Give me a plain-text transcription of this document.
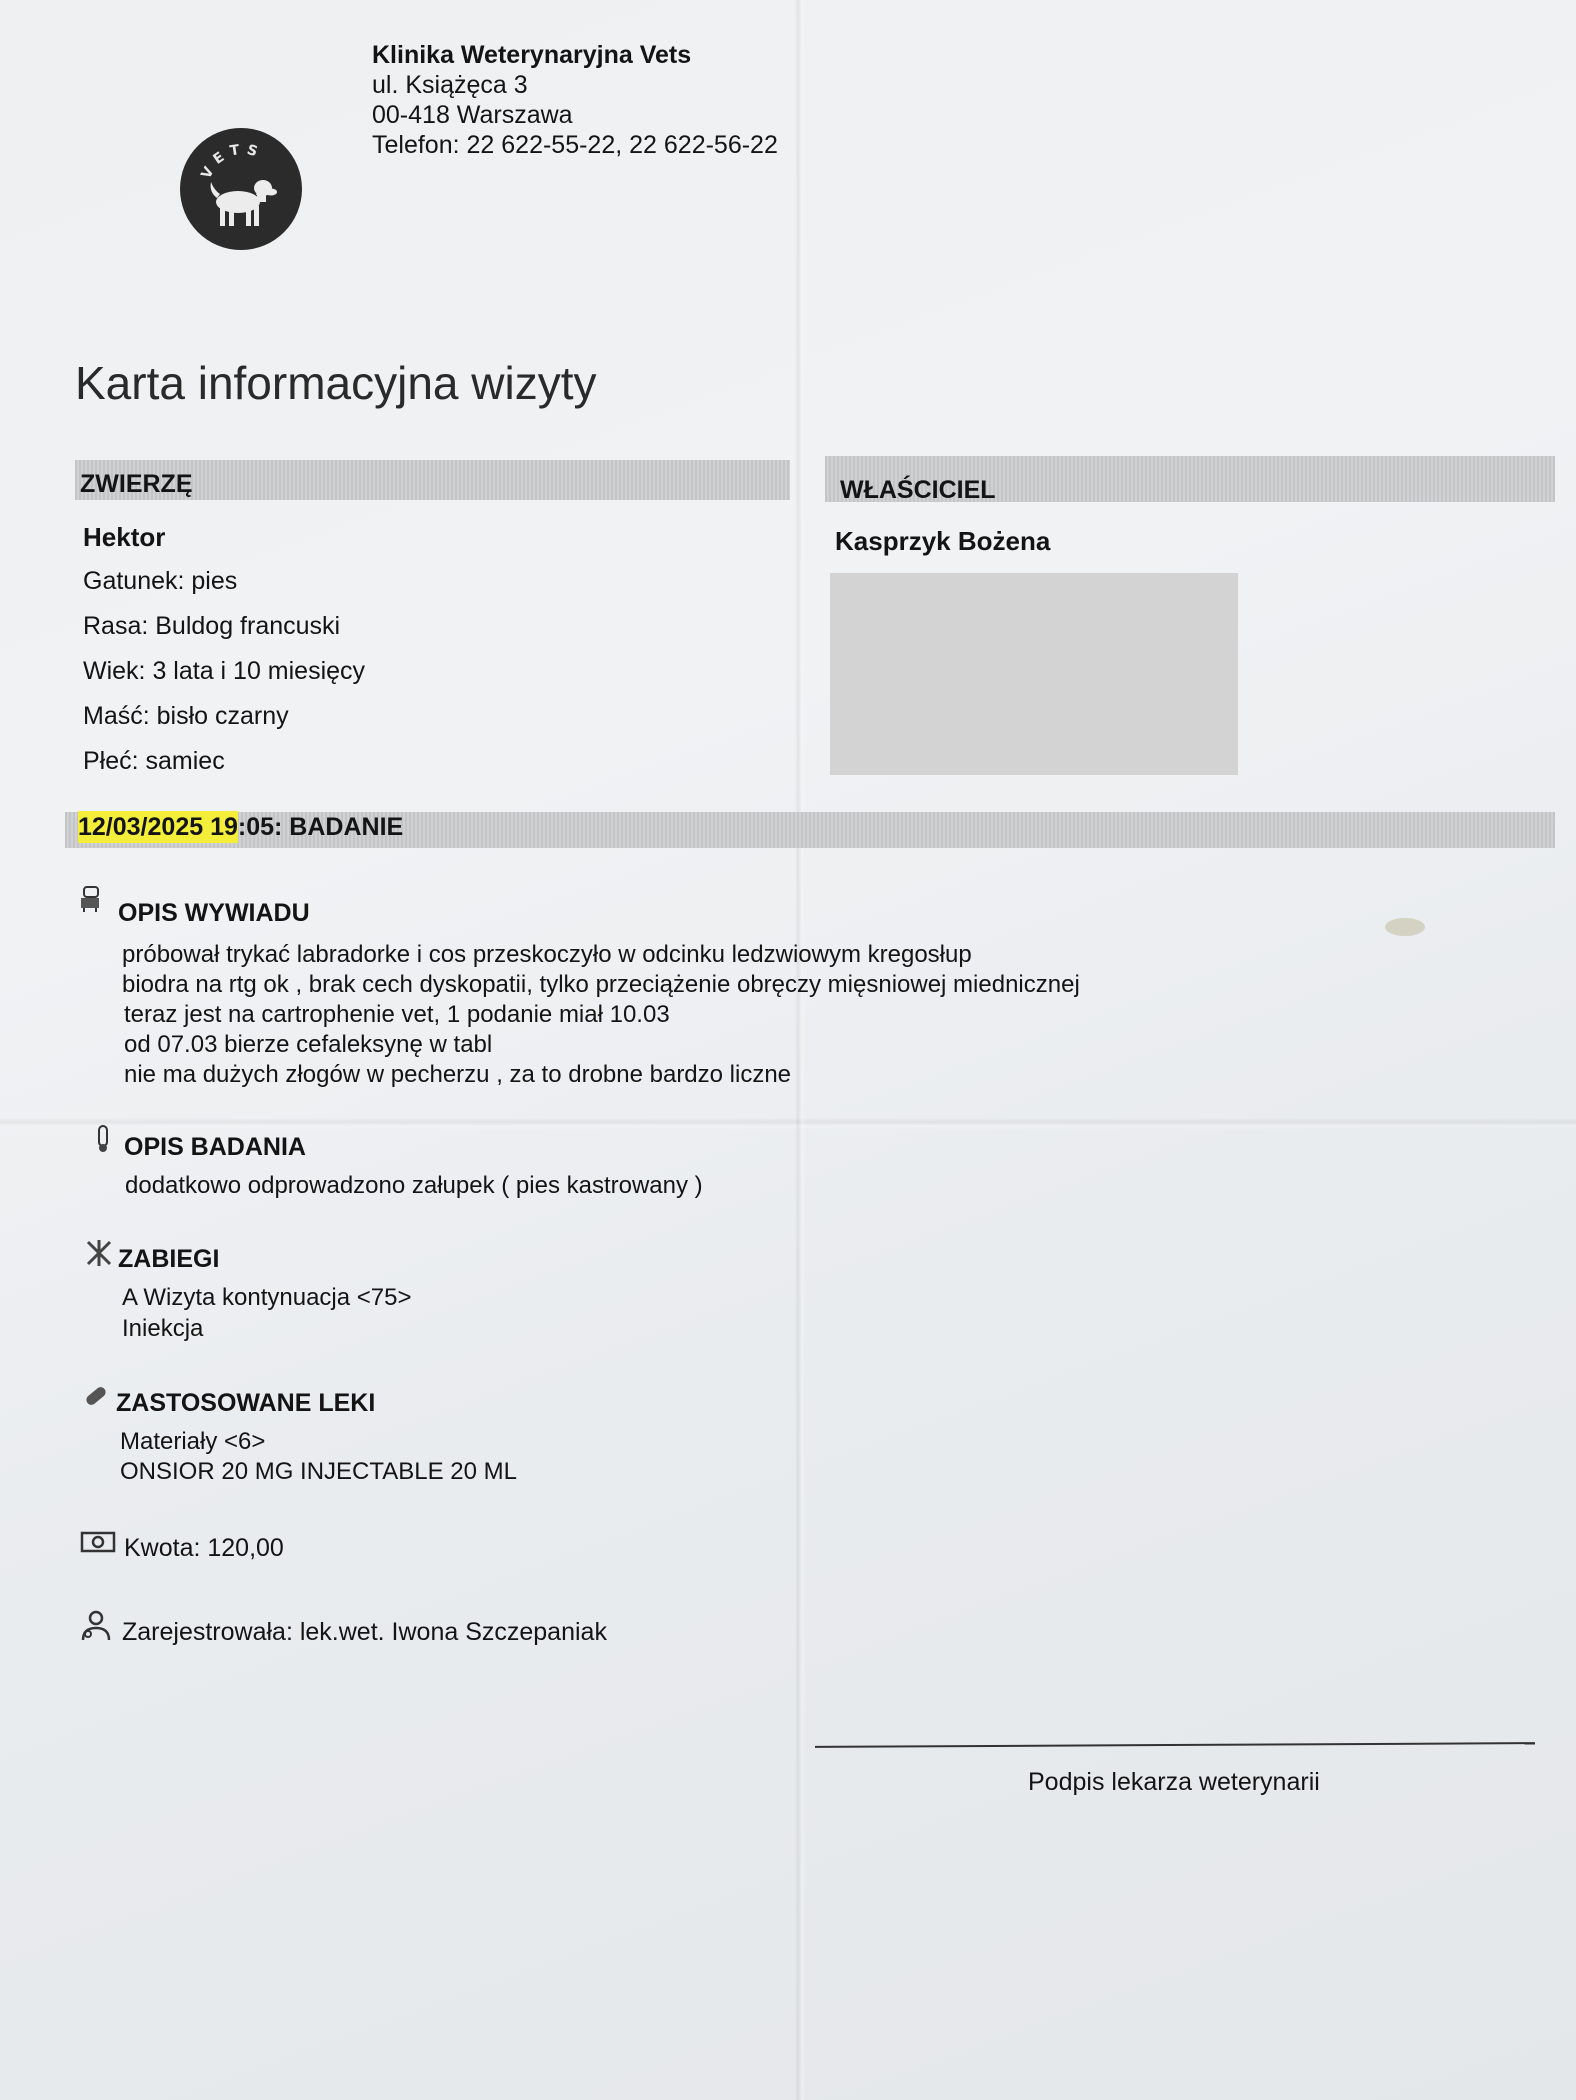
VETS
Klinika Weterynaryjna Vets
ul. Książęca 3
00-418 Warszawa
Telefon: 22 622-55-22, 22 622-56-22
Karta informacyjna wizyty
ZWIERZĘ	WŁAŚCICIEL
Hektor
Gatunek: pies
Rasa: Buldog francuski
Wiek: 3 lata i 10 miesięcy
Maść: bisło czarny
Płeć: samiec
Kasprzyk Bożena
12/03/2025 19:05: BADANIE
OPIS WYWIADU
próbował trykać labradorke i cos przeskoczyło w odcinku ledzwiowym kregosłup
biodra na rtg ok , brak cech dyskopatii, tylko przeciążenie obręczy mięsniowej miednicznej
teraz jest na cartrophenie vet, 1 podanie miał 10.03
od 07.03 bierze cefaleksynę w tabl
nie ma dużych złogów w pecherzu , za to drobne bardzo liczne
OPIS BADANIA
dodatkowo odprowadzono załupek ( pies kastrowany )
ZABIEGI
A Wizyta kontynuacja <75>
Iniekcja
ZASTOSOWANE LEKI
Materiały <6>
ONSIOR 20 MG INJECTABLE 20 ML
Kwota: 120,00
Zarejestrowała: lek.wet. Iwona Szczepaniak
Podpis lekarza weterynarii
